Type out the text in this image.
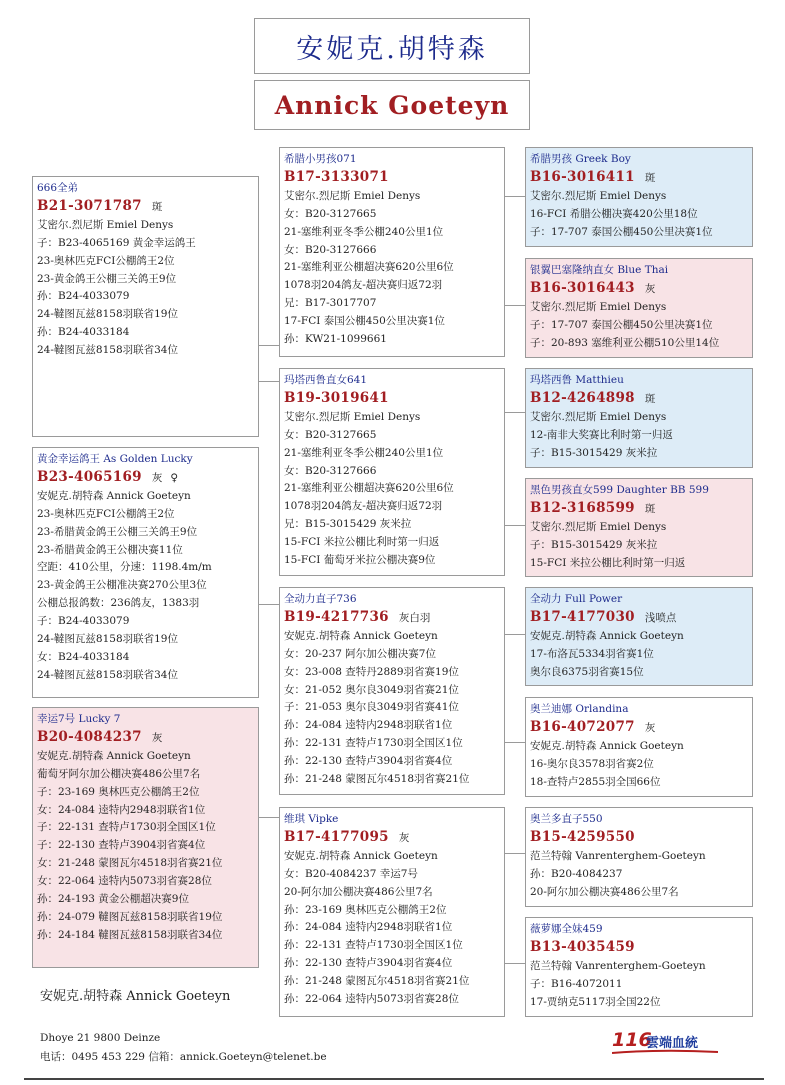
安妮克.胡特森
Annick Goeteyn
666全弟
B21-3071787 斑
艾密尔.烈尼斯 Emiel Denys
子：B23-4065169 黄金幸运鸽王
23-奥林匹克FCI公棚鸽王2位
23-黄金鸽王公棚三关鸽王9位
孙：B24-4033079
24-韃图瓦兹8158羽联省19位
孙：B24-4033184
24-韃图瓦兹8158羽联省34位
希腊小男孩071
B17-3133071
艾密尔.烈尼斯 Emiel Denys
女：B20-3127665
21-塞维利亚冬季公棚240公里1位
女：B20-3127666
21-塞维利亚公棚超决赛620公里6位
1078羽204鸽友-超决赛归返72羽
兄：B17-3017707
17-FCI 泰国公棚450公里决赛1位
孙：KW21-1099661
希腊男孩 Greek Boy
B16-3016411 斑
艾密尔.烈尼斯 Emiel Denys
16-FCI 希腊公棚决赛420公里18位
子：17-707 泰国公棚450公里决赛1位
银翼巴塞隆纳直女 Blue Thai
B16-3016443 灰
艾密尔.烈尼斯 Emiel Denys
子：17-707 泰国公棚450公里决赛1位
子：20-893 塞维利亚公棚510公里14位
玛塔西鲁直女641
B19-3019641
艾密尔.烈尼斯 Emiel Denys
女：B20-3127665
21-塞维利亚冬季公棚240公里1位
女：B20-3127666
21-塞维利亚公棚超决赛620公里6位
1078羽204鸽友-超决赛归返72羽
兄：B15-3015429 灰米拉
15-FCI 米拉公棚比利时第一归返
15-FCI 葡萄牙米拉公棚决赛9位
玛塔西鲁 Matthieu
B12-4264898 斑
艾密尔.烈尼斯 Emiel Denys
12-南非大奖赛比利时第一归返
子：B15-3015429 灰米拉
黑色男孩直女599 Daughter BB 599
B12-3168599 斑
艾密尔.烈尼斯 Emiel Denys
子：B15-3015429 灰米拉
15-FCI 米拉公棚比利时第一归返
黄金幸运鸽王 As Golden Lucky
B23-4065169 灰 ♀
安妮克.胡特森 Annick Goeteyn
23-奥林匹克FCI公棚鸽王2位
23-希腊黄金鸽王公棚三关鸽王9位
23-希腊黄金鸽王公棚决赛11位
空距：410公里，分速：1198.4m/m
23-黄金鸽王公棚准决赛270公里3位
公棚总报鸽数：236鸽友，1383羽
子：B24-4033079
24-韃图瓦兹8158羽联省19位
女：B24-4033184
24-韃图瓦兹8158羽联省34位
全动力直子736
B19-4217736 灰白羽
安妮克.胡特森 Annick Goeteyn
女：20-237 阿尔加公棚决赛7位
女：23-008 查特丹2889羽省赛19位
女：21-052 奥尔良3049羽省赛21位
子：21-053 奥尔良3049羽省赛41位
孙：24-084 逵特内2948羽联省1位
孙：22-131 查特卢1730羽全国区1位
孙：22-130 查特卢3904羽省赛4位
孙：21-248 蒙图瓦尔4518羽省赛21位
全动力 Full Power
B17-4177030 浅喷点
安妮克.胡特森 Annick Goeteyn
17-布洛瓦5334羽省赛1位
奥尔良6375羽省赛15位
奥兰迪娜 Orlandina
B16-4072077 灰
安妮克.胡特森 Annick Goeteyn
16-奥尔良3578羽省赛2位
18-查特卢2855羽全国66位
幸运7号 Lucky 7
B20-4084237 灰
安妮克.胡特森 Annick Goeteyn
葡萄牙阿尔加公棚决赛486公里7名
子：23-169 奥林匹克公棚鸽王2位
女：24-084 逵特内2948羽联省1位
子：22-131 查特卢1730羽全国区1位
子：22-130 查特卢3904羽省赛4位
女：21-248 蒙图瓦尔4518羽省赛21位
女：22-064 逵特内5073羽省赛28位
孙：24-193 黄金公棚超决赛9位
孙：24-079 韃图瓦兹8158羽联省19位
孙：24-184 韃图瓦兹8158羽联省34位
维琪 Vipke
B17-4177095 灰
安妮克.胡特森 Annick Goeteyn
女：B20-4084237 幸运7号
20-阿尔加公棚决赛486公里7名
孙：23-169 奥林匹克公棚鸽王2位
孙：24-084 逵特内2948羽联省1位
孙：22-131 查特卢1730羽全国区1位
孙：22-130 查特卢3904羽省赛4位
孙：21-248 蒙图瓦尔4518羽省赛21位
孙：22-064 逵特内5073羽省赛28位
奥兰多直子550
B15-4259550
范兰特翰 Vanrenterghem-Goeteyn
孙：B20-4084237
20-阿尔加公棚决赛486公里7名
薇萝娜全妹459
B13-4035459
范兰特翰 Vanrenterghem-Goeteyn
子：B16-4072011
17-贾纳克5117羽全国22位
安妮克.胡特森 Annick Goeteyn
Dhoye 21 9800 Deinze
电话：0495 453 229 信箱：annick.Goeteyn@telenet.be
116
雲端血統
